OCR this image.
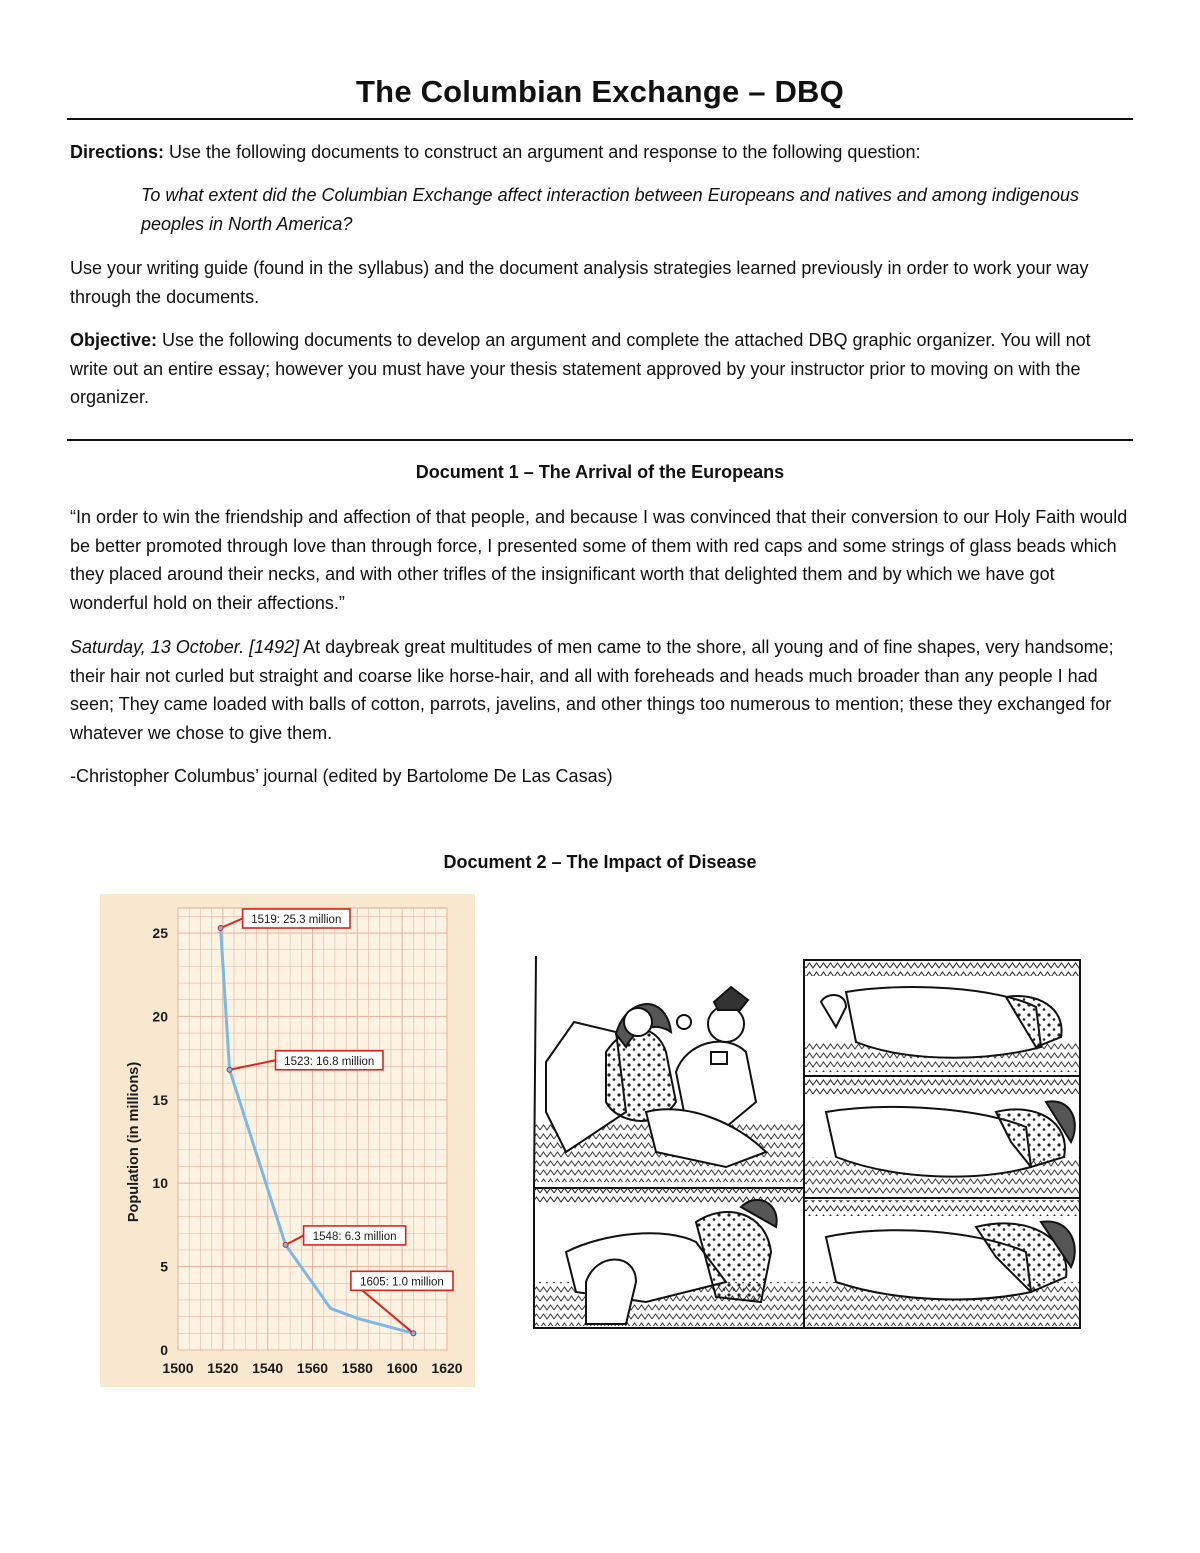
The Columbian Exchange – DBQ
Directions: Use the following documents to construct an argument and response to the following question:
To what extent did the Columbian Exchange affect interaction between Europeans and natives and among indigenous peoples in North America?
Use your writing guide (found in the syllabus) and the document analysis strategies learned previously in order to work your way through the documents.
Objective: Use the following documents to develop an argument and complete the attached DBQ graphic organizer. You will not write out an entire essay; however you must have your thesis statement approved by your instructor prior to moving on with the organizer.
Document 1 – The Arrival of the Europeans
“In order to win the friendship and affection of that people, and because I was convinced that their conversion to our Holy Faith would be better promoted through love than through force, I presented some of them with red caps and some strings of glass beads which they placed around their necks, and with other trifles of the insignificant worth that delighted them and by which we have got wonderful hold on their affections.”
Saturday, 13 October. [1492] At daybreak great multitudes of men came to the shore, all young and of fine shapes, very handsome; their hair not curled but straight and coarse like horse-hair, and all with foreheads and heads much broader than any people I had seen; They came loaded with balls of cotton, parrots, javelins, and other things too numerous to mention; these they exchanged for whatever we chose to give them.
-Christopher Columbus’ journal (edited by Bartolome De Las Casas)
Document 2 – The Impact of Disease
1500 1520 1540 1560 1580 1600 1620
0
5
10
15
20
25
1519: 25.3 million
1523: 16.8 million
1548: 6.3 million
1605: 1.0 million
Population (in millions)
